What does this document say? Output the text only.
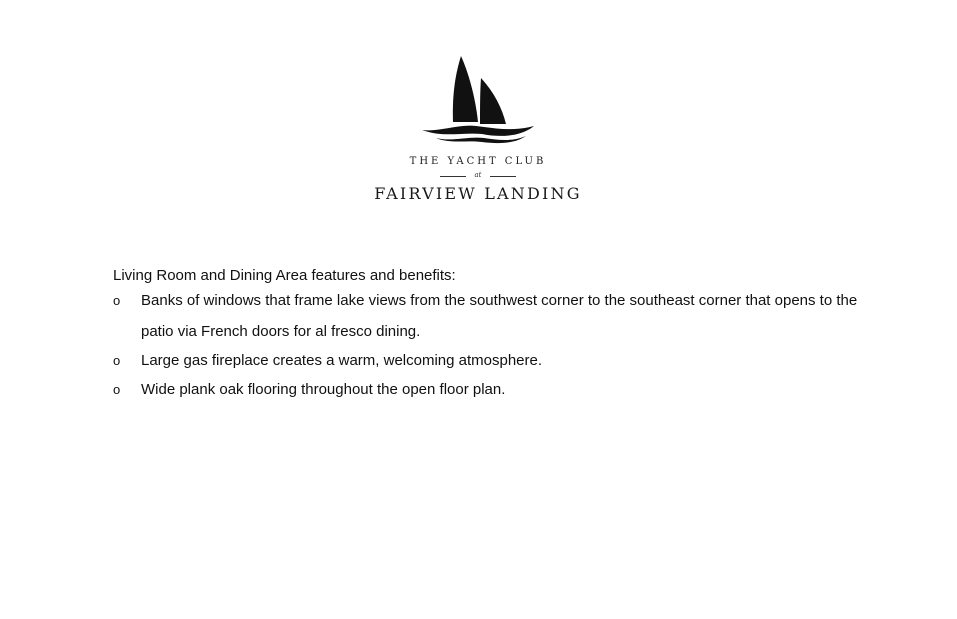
THE YACHT CLUB
at
FAIRVIEW LANDING

Living Room and Dining Area features and benefits:

o Banks of windows that frame lake views from the southwest corner to the southeast corner that opens to the patio via French doors for al fresco dining.
o Large gas fireplace creates a warm, welcoming atmosphere.
o Wide plank oak flooring throughout the open floor plan.
